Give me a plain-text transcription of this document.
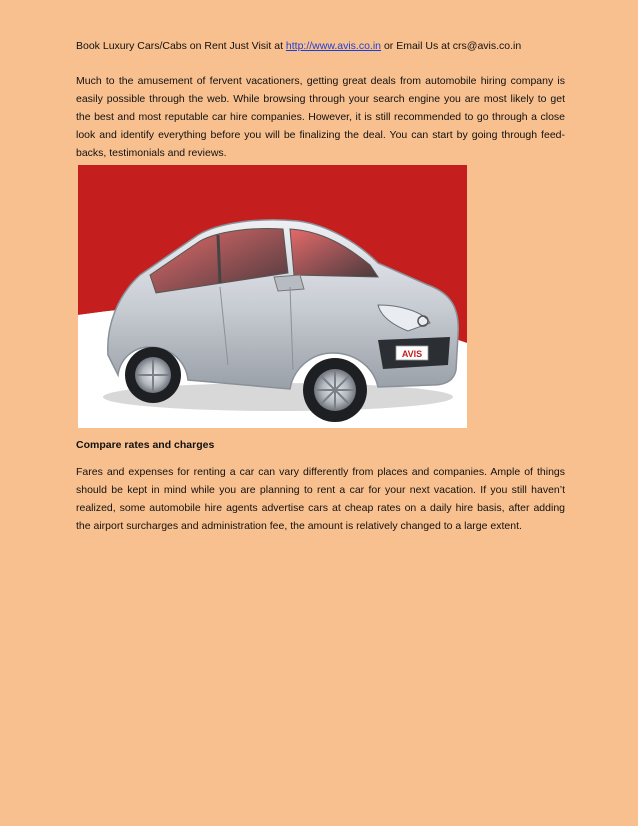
Book Luxury Cars/Cabs on Rent Just Visit at http://www.avis.co.in or Email Us at crs@avis.co.in

Much to the amusement of fervent vacationers, getting great deals from automobile hiring company is easily possible through the web. While browsing through your search engine you are most likely to get the best and most reputable car hire companies. However, it is still recommended to go through a close look and identify everything before you will be finalizing the deal. You can start by going through feed-backs, testimonials and reviews.

AVIS
Compare rates and charges

Fares and expenses for renting a car can vary differently from places and companies. Ample of things should be kept in mind while you are planning to rent a car for your next vacation. If you still haven’t realized, some automobile hire agents advertise cars at cheap rates on a daily hire basis, after adding the airport surcharges and administration fee, the amount is relatively changed to a large extent.
